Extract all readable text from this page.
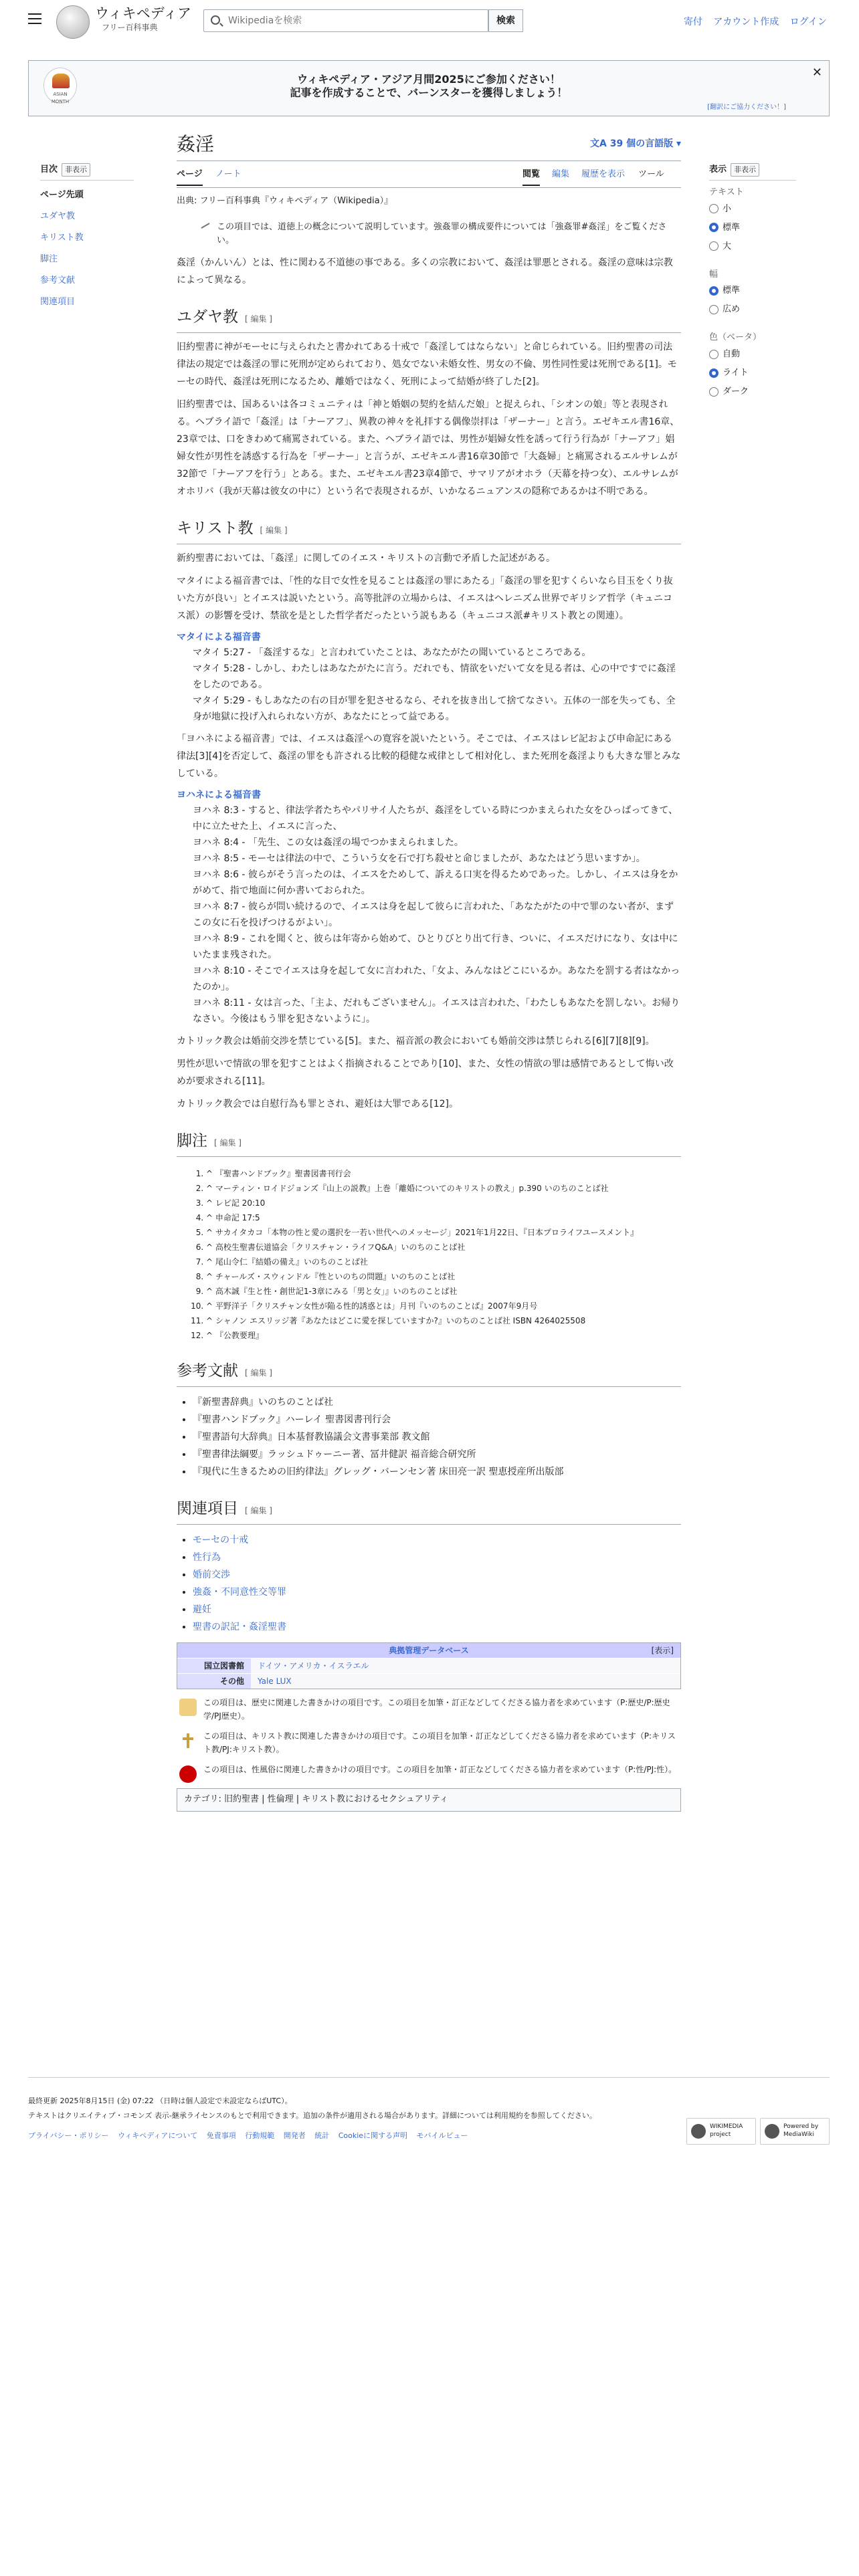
ウィキペディア
フリー百科事典
Wikipediaを検索
検索	寄付 アカウント作成 ログイン
ASIAN MONTH
ウィキペディア・アジア月間2025にご参加ください！
記事を作成することで、バーンスターを獲得しましょう！
✕
[翻訳にご協力ください！]
目次 非表示
ページ先頭
ユダヤ教
キリスト教
脚注
参考文献
関連項目
姦淫	文A 39 個の言語版 ▾
ページ ノート	閲覧 編集 履歴を表示 ツール
出典: フリー百科事典『ウィキペディア（Wikipedia）』
この項目では、道徳上の概念について説明しています。強姦罪の構成要件については「強姦罪#姦淫」をご覧ください。

姦淫（かんいん）とは、性に関わる不道徳の事である。多くの宗教において、姦淫は罪悪とされる。姦淫の意味は宗教によって異なる。

ユダヤ教 [ 編集 ]

旧約聖書に神がモーセに与えられたと書かれてある十戒で「姦淫してはならない」と命じられている。旧約聖書の司法律法の規定では姦淫の罪に死刑が定められており、処女でない未婚女性、男女の不倫、男性同性愛は死刑である[1]。モーセの時代、姦淫は死刑になるため、離婚ではなく、死刑によって結婚が終了した[2]。

旧約聖書では、国あるいは各コミュニティは「神と婚姻の契約を結んだ娘」と捉えられ、「シオンの娘」等と表現される。ヘブライ語で「姦淫」は「ナーアフ」、異教の神々を礼拝する偶像崇拝は「ザーナー」と言う。エゼキエル書16章、23章では、口をきわめて痛罵されている。また、ヘブライ語では、男性が娼婦女性を誘って行う行為が「ナーアフ」娼婦女性が男性を誘惑する行為を「ザーナー」と言うが、エゼキエル書16章30節で「大姦婦」と痛罵されるエルサレムが32節で「ナーアフを行う」とある。また、エゼキエル書23章4節で、サマリアがオホラ（天幕を持つ女）、エルサレムがオホリバ（我が天幕は彼女の中に）という名で表現されるが、いかなるニュアンスの隠称であるかは不明である。

キリスト教 [ 編集 ]

新約聖書においては、「姦淫」に関してのイエス・キリストの言動で矛盾した記述がある。

マタイによる福音書では、「性的な目で女性を見ることは姦淫の罪にあたる」「姦淫の罪を犯すくらいなら目玉をくり抜いた方が良い」とイエスは説いたという。高等批評の立場からは、イエスはヘレニズム世界でギリシア哲学（キュニコス派）の影響を受け、禁欲を是とした哲学者だったという説もある（キュニコス派#キリスト教との関連）。

マタイによる福音書
マタイ 5:27 - 「姦淫するな」と言われていたことは、あなたがたの聞いているところである。
マタイ 5:28 - しかし、わたしはあなたがたに言う。だれでも、情欲をいだいて女を見る者は、心の中ですでに姦淫をしたのである。
マタイ 5:29 - もしあなたの右の目が罪を犯させるなら、それを抜き出して捨てなさい。五体の一部を失っても、全身が地獄に投げ入れられない方が、あなたにとって益である。

「ヨハネによる福音書」では、イエスは姦淫への寛容を説いたという。そこでは、イエスはレビ記および申命記にある律法[3][4]を否定して、姦淫の罪をも許される比較的穏健な戒律として相対化し、また死刑を姦淫よりも大きな罪とみなしている。

ヨハネによる福音書
ヨハネ 8:3 - すると、律法学者たちやパリサイ人たちが、姦淫をしている時につかまえられた女をひっぱってきて、中に立たせた上、イエスに言った、
ヨハネ 8:4 - 「先生、この女は姦淫の場でつかまえられました。
ヨハネ 8:5 - モーセは律法の中で、こういう女を石で打ち殺せと命じましたが、あなたはどう思いますか」。
ヨハネ 8:6 - 彼らがそう言ったのは、イエスをためして、訴える口実を得るためであった。しかし、イエスは身をかがめて、指で地面に何か書いておられた。
ヨハネ 8:7 - 彼らが問い続けるので、イエスは身を起して彼らに言われた、「あなたがたの中で罪のない者が、まずこの女に石を投げつけるがよい」。
ヨハネ 8:9 - これを聞くと、彼らは年寄から始めて、ひとりびとり出て行き、ついに、イエスだけになり、女は中にいたまま残された。
ヨハネ 8:10 - そこでイエスは身を起して女に言われた、「女よ、みんなはどこにいるか。あなたを罰する者はなかったのか」。
ヨハネ 8:11 - 女は言った、「主よ、だれもございません」。イエスは言われた、「わたしもあなたを罰しない。お帰りなさい。今後はもう罪を犯さないように」。

カトリック教会は婚前交渉を禁じている[5]。また、福音派の教会においても婚前交渉は禁じられる[6][7][8][9]。

男性が思いで情欲の罪を犯すことはよく指摘されることであり[10]、また、女性の情欲の罪は感情であるとして悔い改めが要求される[11]。

カトリック教会では自慰行為も罪とされ、避妊は大罪である[12]。

脚注 [ 編集 ]
1. ^ 『聖書ハンドブック』聖書図書刊行会
2. ^ マーティン・ロイドジョンズ『山上の説教』上巻「離婚についてのキリストの教え」p.390 いのちのことば社
3. ^ レビ記 20:10
4. ^ 申命記 17:5
5. ^ サカイタカコ「本物の性と愛の選択を一若い世代へのメッセージ」2021年1月22日、『日本プロライフユースメント』
6. ^ 高校生聖書伝道協会「クリスチャン・ライフQ&A」いのちのことば社
7. ^ 尾山令仁『結婚の備え』いのちのことば社
8. ^ チャールズ・スウィンドル『性といのちの問題』いのちのことば社
9. ^ 高木誠『生と性・創世記1-3章にみる「男と女」』いのちのことば社
10. ^ 平野洋子「クリスチャン女性が陥る性的誘惑とは」月刊『いのちのことば』2007年9月号
11. ^ シャノン エスリッジ著『あなたはどこに愛を探していますか?』いのちのことば社 ISBN 4264025508
12. ^ 『公教要理』
参考文献 [ 編集 ]
• 『新聖書辞典』いのちのことば社
• 『聖書ハンドブック』ハーレイ 聖書図書刊行会
• 『聖書語句大辞典』日本基督教協議会文書事業部 教文館
• 『聖書律法綱要』ラッシュドゥーニー著、冨井健訳 福音総合研究所
• 『現代に生きるための旧約律法』グレッグ・バーンセン著 床田亮一訳 聖恵授産所出版部
関連項目 [ 編集 ]
• モーセの十戒
• 性行為
• 婚前交渉
• 強姦・不同意性交等罪
• 避妊
• 聖書の訳記・姦淫聖書
[表示]
典拠管理データベース
国立図書館	ドイツ・アメリカ・イスラエル
その他	Yale LUX
この項目は、歴史に関連した書きかけの項目です。この項目を加筆・訂正などしてくださる協力者を求めています（P:歴史/P:歴史学/PJ歴史）。
この項目は、キリスト教に関連した書きかけの項目です。この項目を加筆・訂正などしてくださる協力者を求めています（P:キリスト教/PJ:キリスト教）。
この項目は、性風俗に関連した書きかけの項目です。この項目を加筆・訂正などしてくださる協力者を求めています（P:性/PJ:性）。
カテゴリ: 旧約聖書 | 性倫理 | キリスト教におけるセクシュアリティ
表示 非表示
テキスト
小
標準
大
幅
標準
広め
色（ベータ）
自動
ライト
ダーク
最終更新 2025年8月15日 (金) 07:22 （日時は個人設定で未設定ならばUTC）。
テキストはクリエイティブ・コモンズ 表示-継承ライセンスのもとで利用できます。追加の条件が適用される場合があります。詳細については利用規約を参照してください。
プライバシー・ポリシー ウィキペディアについて 免責事項 行動規範 開発者 統計 Cookieに関する声明 モバイルビュー
WIKIMEDIA project
Powered by MediaWiki
